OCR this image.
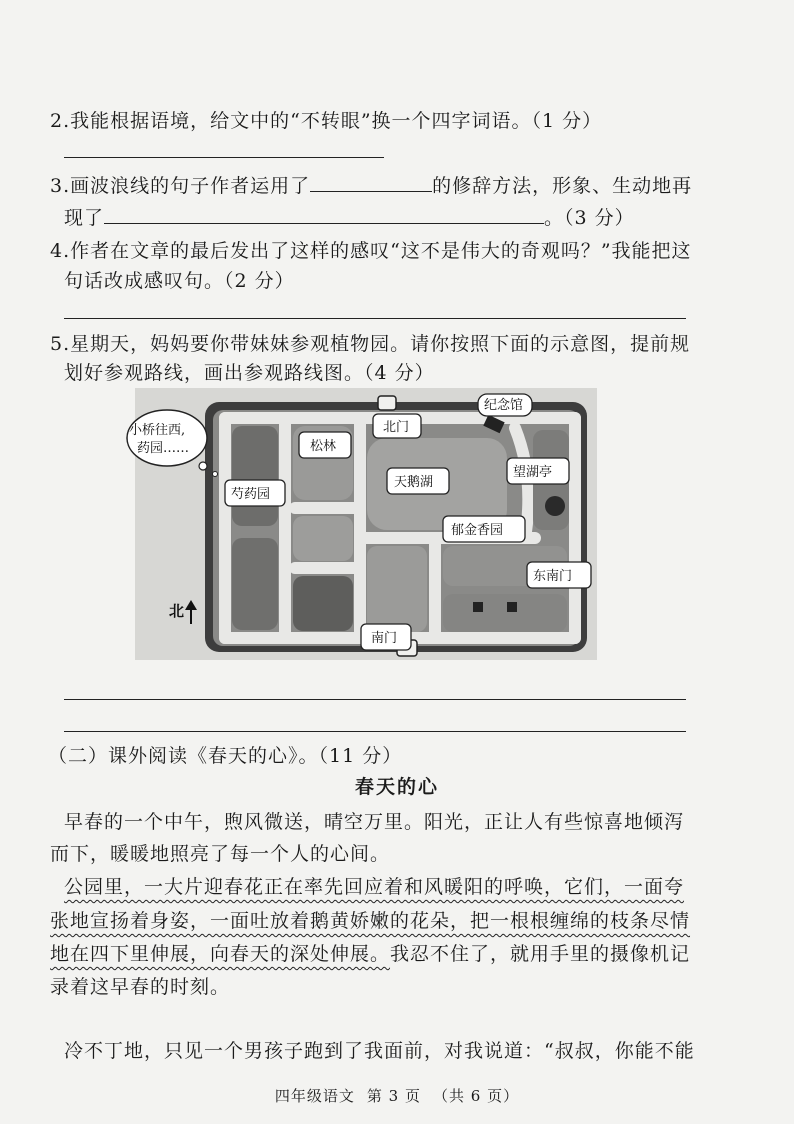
2.我能根据语境，给文中的“不转眼”换一个四字词语。（1 分）
3.画波浪线的句子作者运用了	的修辞方法，形象、生动地再
现了	。（3 分）
4.作者在文章的最后发出了这样的感叹“这不是伟大的奇观吗？”我能把这
句话改成感叹句。（2 分）
5.星期天，妈妈要你带妹妹参观植物园。请你按照下面的示意图，提前规
划好参观路线，画出参观路线图。（4 分）
小桥往西,
药园……	松林
北门
纪念馆
望湖亭
天鹅湖
芍药园
郁金香园
东南门
南门
北
（二）课外阅读《春天的心》。（11 分）
春天的心
早春的一个中午，煦风微送，晴空万里。阳光，正让人有些惊喜地倾泻
而下，暖暖地照亮了每一个人的心间。
公园里，一大片迎春花正在率先回应着和风暖阳的呼唤，它们，一面夸
张地宣扬着身姿，一面吐放着鹅黄娇嫩的花朵，把一根根缠绵的枝条尽情
地在四下里伸展，向春天的深处伸展。我忍不住了，就用手里的摄像机记
录着这早春的时刻。
冷不丁地，只见一个男孩子跑到了我面前，对我说道：“叔叔，你能不能
四年级语文 第 3 页 （共 6 页）
